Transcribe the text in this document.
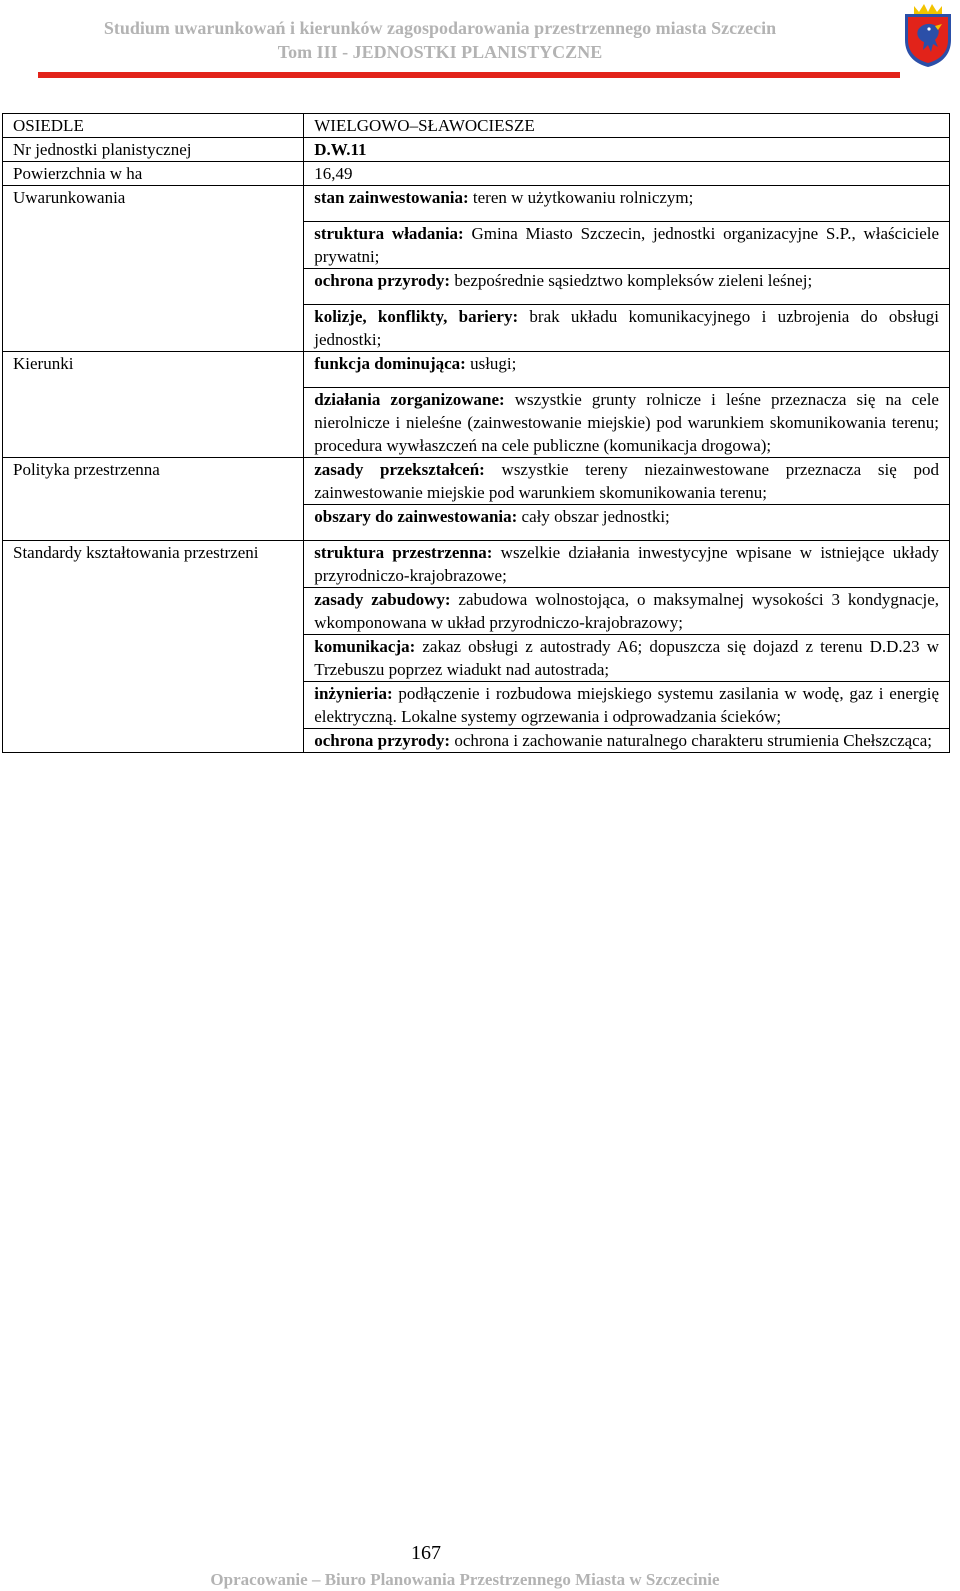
Studium uwarunkowań i kierunków zagospodarowania przestrzennego miasta Szczecin
Tom III - JEDNOSTKI PLANISTYCZNE
OSIEDLE	WIELGOWO–SŁAWOCIESZE
Nr jednostki planistycznej	D.W.11
Powierzchnia w ha	16,49
Uwarunkowania	stan zainwestowania: teren w użytkowaniu rolniczym;

	struktura władania: Gmina Miasto Szczecin, jednostki organizacyjne S.P., właściciele prywatni;
	ochrona przyrody: bezpośrednie sąsiedztwo kompleksów zieleni leśnej;

	kolizje, konflikty, bariery: brak układu komunikacyjnego i uzbrojenia do obsługi jednostki;
Kierunki	funkcja dominująca: usługi;

	działania zorganizowane: wszystkie grunty rolnicze i leśne przeznacza się na cele nierolnicze i nieleśne (zainwestowanie miejskie) pod warunkiem skomunikowania terenu; procedura wywłaszczeń na cele publiczne (komunikacja drogowa);
Polityka przestrzenna	zasady przekształceń: wszystkie tereny niezainwestowane przeznacza się pod zainwestowanie miejskie pod warunkiem skomunikowania terenu;
	obszary do zainwestowania: cały obszar jednostki;

Standardy kształtowania przestrzeni	struktura przestrzenna: wszelkie działania inwestycyjne wpisane w istniejące układy przyrodniczo-krajobrazowe;
	zasady zabudowy: zabudowa wolnostojąca, o maksymalnej wysokości 3 kondygnacje, wkomponowana w układ przyrodniczo-krajobrazowy;
	komunikacja: zakaz obsługi z autostrady A6; dopuszcza się dojazd z terenu D.D.23 w Trzebuszu poprzez wiadukt nad autostrada;
	inżynieria: podłączenie i rozbudowa miejskiego systemu zasilania w wodę, gaz i energię elektryczną. Lokalne systemy ogrzewania i odprowadzania ścieków;
	ochrona przyrody: ochrona i zachowanie naturalnego charakteru strumienia Chełszcząca;
167
Opracowanie – Biuro Planowania Przestrzennego Miasta w Szczecinie
